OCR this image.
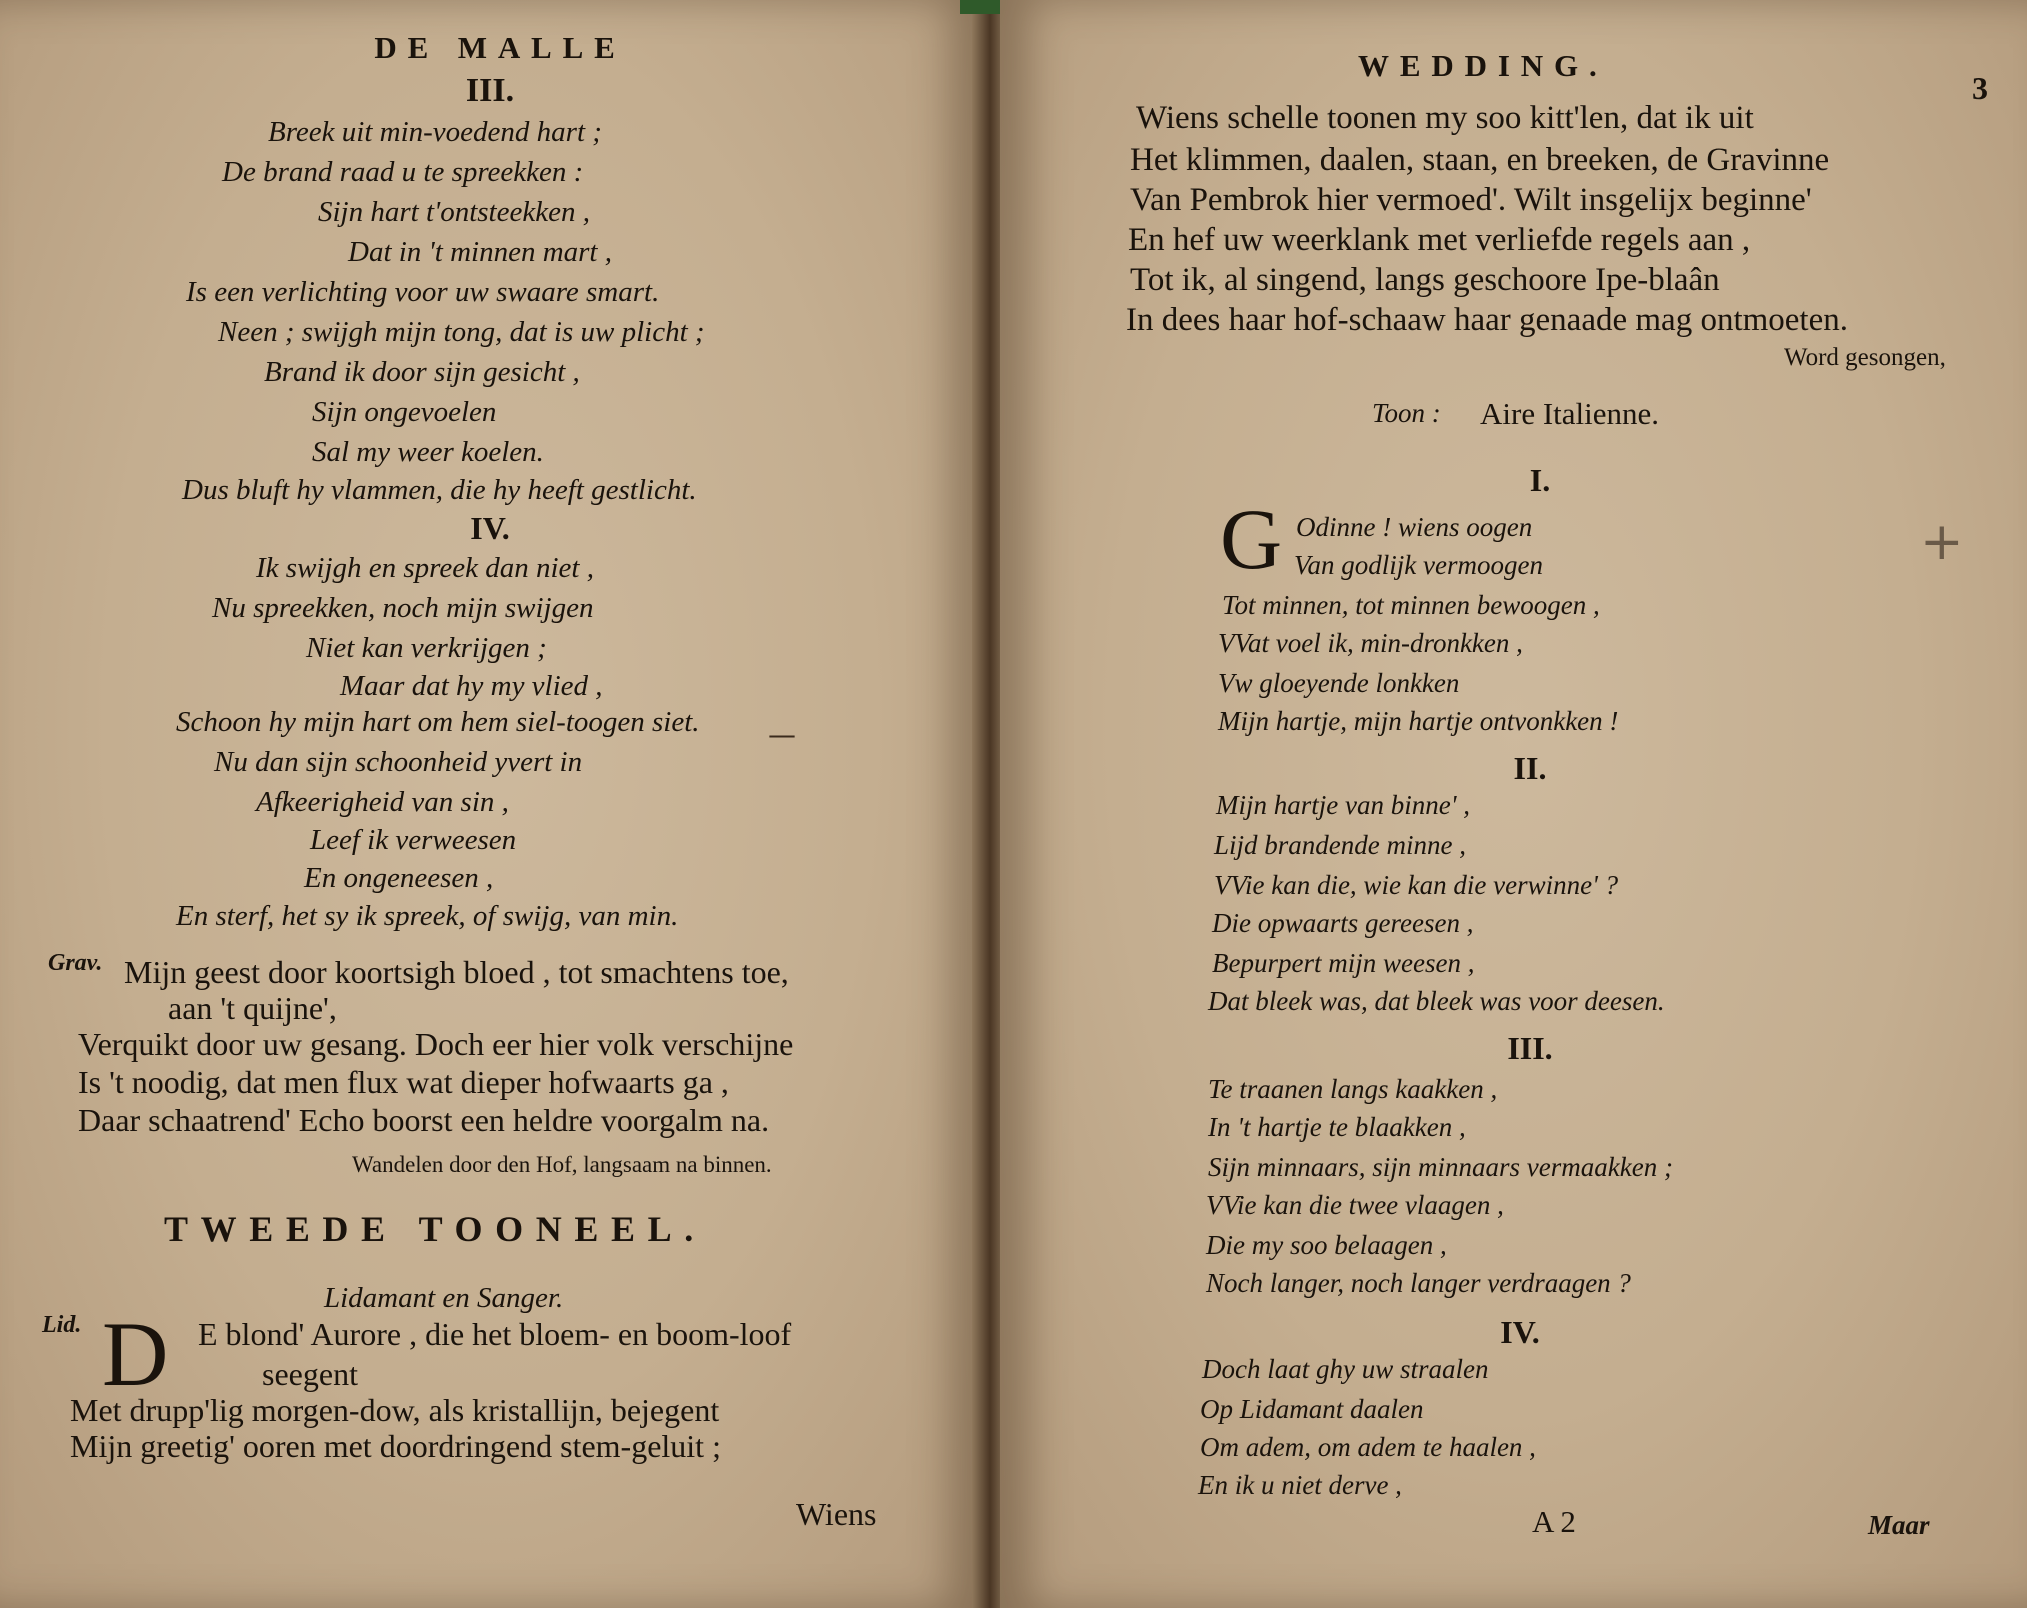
DE MALLE
III.
Breek uit min-voedend hart ;
De brand raad u te spreekken :
Sijn hart t'ontsteekken ,
Dat in 't minnen mart ,
Is een verlichting voor uw swaare smart.
Neen ; swijgh mijn tong, dat is uw plicht ;
Brand ik door sijn gesicht ,
Sijn ongevoelen
Sal my weer koelen.
Dus bluft hy vlammen, die hy heeft gestlicht.
IV.
Ik swijgh en spreek dan niet ,
Nu spreekken, noch mijn swijgen
Niet kan verkrijgen ;
Maar dat hy my vlied ,
Schoon hy mijn hart om hem siel-toogen siet.
Nu dan sijn schoonheid yvert in
Afkeerigheid van sin ,
Leef ik verweesen
En ongeneesen ,
En sterf, het sy ik spreek, of swijg, van min.
Grav. Mijn geest door koortsigh bloed , tot smachtens toe,
aan 't quijne',
Verquikt door uw gesang. Doch eer hier volk verschijne
Is 't noodig, dat men flux wat dieper hofwaarts ga ,
Daar schaatrend' Echo boorst een heldre voorgalm na.
Wandelen door den Hof, langsaam na binnen.
TWEEDE TOONEEL.
Lidamant en Sanger.
Lid. D E blond' Aurore , die het bloem- en boom-loof
seegent
Met drupp'lig morgen-dow, als kristallijn, bejegent
Mijn greetig' ooren met doordringend stem-geluit ;
Wiens
—
WEDDING.
3
Wiens schelle toonen my soo kitt'len, dat ik uit
Het klimmen, daalen, staan, en breeken, de Gravinne
Van Pembrok hier vermoed'. Wilt insgelijx beginne'
En hef uw weerklank met verliefde regels aan ,
Tot ik, al singend, langs geschoore Ipe-blaân
In dees haar hof-schaaw haar genaade mag ontmoeten.
Word gesongen,
Toon : Aire Italienne.
I.
G Odinne ! wiens oogen
Van godlijk vermoogen
Tot minnen, tot minnen bewoogen ,
VVat voel ik, min-dronkken ,
Vw gloeyende lonkken
Mijn hartje, mijn hartje ontvonkken !
II.
Mijn hartje van binne' ,
Lijd brandende minne ,
VVie kan die, wie kan die verwinne' ?
Die opwaarts gereesen ,
Bepurpert mijn weesen ,
Dat bleek was, dat bleek was voor deesen.
III.
Te traanen langs kaakken ,
In 't hartje te blaakken ,
Sijn minnaars, sijn minnaars vermaakken ;
VVie kan die twee vlaagen ,
Die my soo belaagen ,
Noch langer, noch langer verdraagen ?
IV.
Doch laat ghy uw straalen
Op Lidamant daalen
Om adem, om adem te haalen ,
En ik u niet derve ,
A 2	Maar
+
